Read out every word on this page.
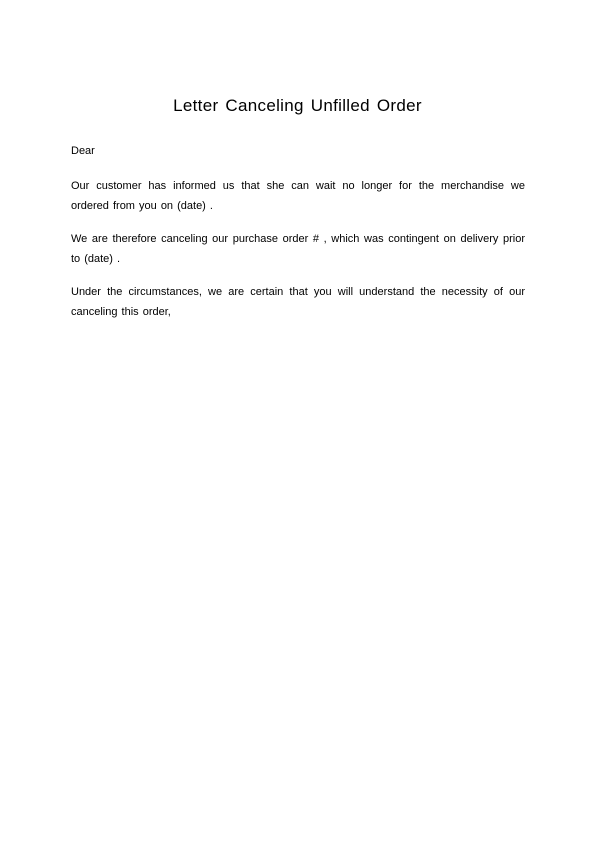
Letter Canceling Unfilled Order

Dear

Our customer has informed us that she can wait no longer for the merchandise we ordered from you on (date) .

We are therefore canceling our purchase order # , which was contingent on delivery prior to (date) .

Under the circumstances, we are certain that you will understand the necessity of our canceling this order,
